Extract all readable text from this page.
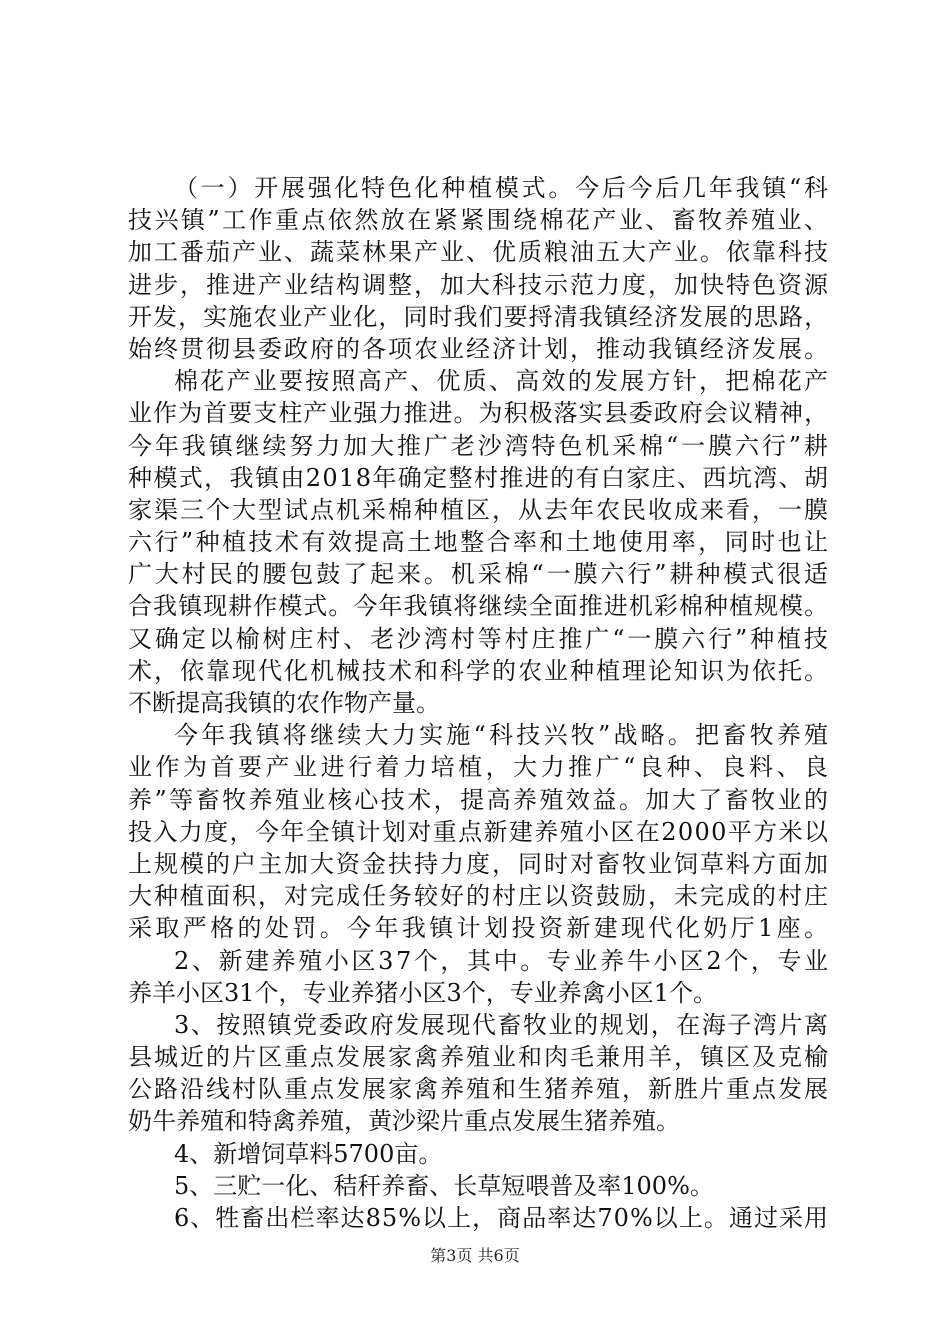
（一）开展强化特色化种植模式。今后今后几年我镇“科
技兴镇”工作重点依然放在紧紧围绕棉花产业、畜牧养殖业、
加工番茄产业、蔬菜林果产业、优质粮油五大产业。依靠科技
进步，推进产业结构调整，加大科技示范力度，加快特色资源
开发，实施农业产业化，同时我们要捋清我镇经济发展的思路，
始终贯彻县委政府的各项农业经济计划，推动我镇经济发展。
棉花产业要按照高产、优质、高效的发展方针，把棉花产
业作为首要支柱产业强力推进。为积极落实县委政府会议精神，
今年我镇继续努力加大推广老沙湾特色机采棉“一膜六行”耕
种模式，我镇由2018年确定整村推进的有白家庄、西坑湾、胡
家渠三个大型试点机采棉种植区，从去年农民收成来看，一膜
六行”种植技术有效提高土地整合率和土地使用率，同时也让
广大村民的腰包鼓了起来。机采棉“一膜六行”耕种模式很适
合我镇现耕作模式。今年我镇将继续全面推进机彩棉种植规模。
又确定以榆树庄村、老沙湾村等村庄推广“一膜六行”种植技
术，依靠现代化机械技术和科学的农业种植理论知识为依托。
不断提高我镇的农作物产量。
今年我镇将继续大力实施“科技兴牧”战略。把畜牧养殖
业作为首要产业进行着力培植，大力推广“良种、良料、良
养”等畜牧养殖业核心技术，提高养殖效益。加大了畜牧业的
投入力度，今年全镇计划对重点新建养殖小区在2000平方米以
上规模的户主加大资金扶持力度，同时对畜牧业饲草料方面加
大种植面积，对完成任务较好的村庄以资鼓励，未完成的村庄
采取严格的处罚。今年我镇计划投资新建现代化奶厅1座。
2、新建养殖小区37个，其中。专业养牛小区2个，专业
养羊小区31个，专业养猪小区3个，专业养禽小区1个。
3、按照镇党委政府发展现代畜牧业的规划，在海子湾片离
县城近的片区重点发展家禽养殖业和肉毛兼用羊，镇区及克榆
公路沿线村队重点发展家禽养殖和生猪养殖，新胜片重点发展
奶牛养殖和特禽养殖，黄沙梁片重点发展生猪养殖。
4、新增饲草料5700亩。
5、三贮一化、秸秆养畜、长草短喂普及率100%。
6、牲畜出栏率达85%以上，商品率达70%以上。通过采用
第3页 共6页
